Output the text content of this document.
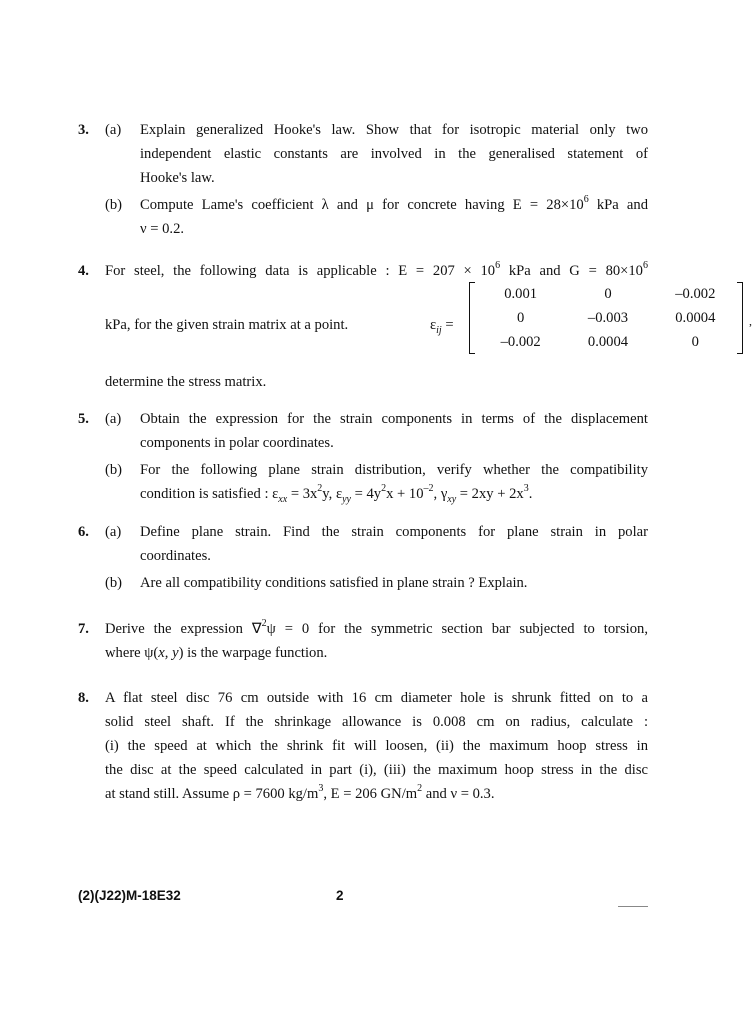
3. (a) Explain generalized Hooke's law. Show that for isotropic material only two
independent elastic constants are involved in the generalised statement of
Hooke's law.
(b) Compute Lame's coefficient λ and μ for concrete having $E = 28\times 10^6$ kPa and
ν = 0.2.
4. For steel, the following data is applicable : $E = 207 \times 10^6$ kPa and $G = 80\times 10^6$
kPa, for the given strain matrix at a point.	$\varepsilon_{ij}$ =
0.001	0	–0.002
0	–0.003	0.0004
–0.002	0.0004	0
,
determine the stress matrix.
5. (a) Obtain the expression for the strain components in terms of the displacement
components in polar coordinates.
(b) For the following plane strain distribution, verify whether the compatibility
condition is satisfied : $\varepsilon_{xx} = 3x^2y$, $\varepsilon_{yy} = 4y^2x + 10^{-2}$, $\gamma_{xy} = 2xy + 2x^3$.
6. (a) Define plane strain. Find the strain components for plane strain in polar
coordinates.
(b) Are all compatibility conditions satisfied in plane strain ? Explain.
7. Derive the expression ∇$^2$ψ = 0 for the symmetric section bar subjected to torsion,
where ψ(x, y) is the warpage function.
8. A flat steel disc 76 cm outside with 16 cm diameter hole is shrunk fitted on to a
solid steel shaft. If the shrinkage allowance is 0.008 cm on radius, calculate :
(i) the speed at which the shrink fit will loosen, (ii) the maximum hoop stress in
the disc at the speed calculated in part (i), (iii) the maximum hoop stress in the disc
at stand still. Assume ρ = 7600 $kg/m^3$, E = 206 $GN/m^2$ and ν = 0.3.
(2)(J22)M-18E32	2
